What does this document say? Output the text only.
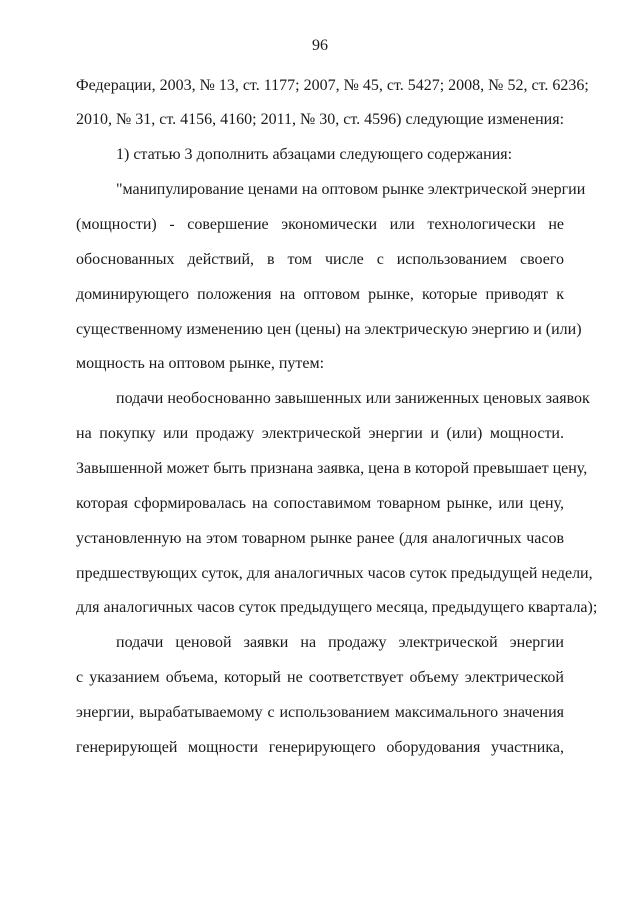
96
Федерации, 2003, № 13, ст. 1177; 2007, № 45, ст. 5427; 2008, № 52, ст. 6236;
2010, № 31, ст. 4156, 4160; 2011, № 30, ст. 4596) следующие изменения:
1) статью 3 дополнить абзацами следующего содержания:
"манипулирование ценами на оптовом рынке электрической энергии
(мощности) - совершение экономически или технологически не
обоснованных действий, в том числе с использованием своего
доминирующего положения на оптовом рынке, которые приводят к
существенному изменению цен (цены) на электрическую энергию и (или)
мощность на оптовом рынке, путем:
подачи необоснованно завышенных или заниженных ценовых заявок
на покупку или продажу электрической энергии и (или) мощности.
Завышенной может быть признана заявка, цена в которой превышает цену,
которая сформировалась на сопоставимом товарном рынке, или цену,
установленную на этом товарном рынке ранее (для аналогичных часов
предшествующих суток, для аналогичных часов суток предыдущей недели,
для аналогичных часов суток предыдущего месяца, предыдущего квартала);
подачи ценовой заявки на продажу электрической энергии
с указанием объема, который не соответствует объему электрической
энергии, вырабатываемому с использованием максимального значения
генерирующей мощности генерирующего оборудования участника,
